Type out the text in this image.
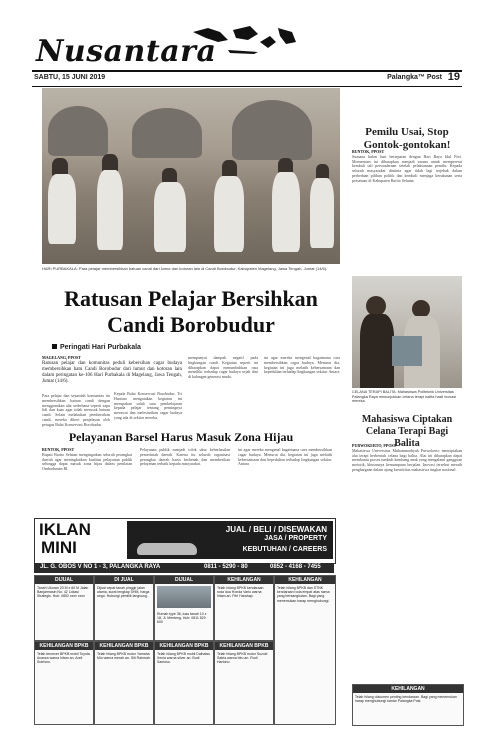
Nusantara
SABTU, 15 JUNI 2019	Palangka™ Post 19
HARI PURBAKALA: Para pelajar membersihkan batuan candi dari lumut dan kotoran lain di Candi Borobudur, Kabupaten Magelang, Jawa Tengah, Jumat (14/6).
Ratusan Pelajar Bersihkan Candi Borobudur
Peringati Hari Purbakala
MAGELANG, PPOST
Ratusan pelajar dan komunitas peduli kebersihan cagar budaya membersihkan batu Candi Borobudur dari lumut dan kotoran lain dalam peringatan ke-106 Hari Purbakala di Magelang, Jawa Tengah, Jumat (14/6).
Para pelajar dan sejumlah komunitas itu membersihkan batuan candi dengan menggunakan alat sederhana seperti sapu lidi dan kuas agar tidak merusak batuan candi. Selain melakukan pembersihan candi, mereka diberi penjelasan oleh petugas Balai Konservasi Borobudur.
Kepala Balai Konservasi Borobudur, Tri Hartono mengatakan kegiatan ini merupakan salah satu pembelajaran kepada pelajar tentang pentingnya merawat dan melestarikan cagar budaya yang ada di sekitar mereka.
mempunyai dampak negatif pada lingkungan candi. Kegiatan seperti ini diharapkan dapat menumbuhkan rasa memiliki terhadap cagar budaya sejak dini di kalangan generasi muda.
ini agar mereka mengenal bagaimana cara membersihkan cagar budaya. Menurut dia, kegiatan ini juga melatih kebersamaan dan kepedulian terhadap lingkungan sekitar. Antara
Pemilu Usai, Stop Gontok-gontokan!
BUNTOK, PPOST
Suasana bulan Juni bertepatan dengan Hari Raya Idul Fitri. Momentum ini diharapkan menjadi sarana untuk mempererat kembali tali persaudaraan setelah pelaksanaan pemilu. Kepada seluruh masyarakat diminta agar tidak lagi terjebak dalam perbedaan pilihan politik dan kembali menjaga kerukunan serta persatuan di Kabupaten Barito Selatan.
CELANA TERAPI BALITA: Mahasiswa Politeknik Universitas Palangka Raya menunjukkan celana terapi balita hasil inovasi mereka.
Mahasiswa Ciptakan Celana Terapi Bagi Balita
PURWOKERTO, PPOST
Mahasiswa Universitas Muhammadiyah Purwokerto menciptakan alat terapi berbentuk celana bagi balita. Alat ini diharapkan dapat membantu proses tumbuh kembang anak yang mengalami gangguan motorik, khususnya kemampuan berjalan. Inovasi tersebut meraih penghargaan dalam ajang kreativitas mahasiswa tingkat nasional.
Pelayanan Barsel Harus Masuk Zona Hijau
BUNTOK, PPOST
Bupati Barito Selatan mengingatkan seluruh perangkat daerah agar meningkatkan kualitas pelayanan publik sehingga dapat masuk zona hijau dalam penilaian Ombudsman RI.
Pelayanan publik menjadi tolok ukur keberhasilan pemerintah daerah. Karena itu seluruh organisasi perangkat daerah harus berbenah dan memberikan pelayanan terbaik kepada masyarakat.
ini agar mereka mengenal bagaimana cara membersihkan cagar budaya. Menurut dia, kegiatan ini juga melatih kebersamaan dan kepedulian terhadap lingkungan sekitar. Antara
IKLAN
MINI
JUAL / BELI / DISEWAKAN
JASA / PROPERTY
KEBUTUHAN / CAREERS
JL. G. OBOS V NO 1 - 3, PALANGKA RAYA	0811 - 5290 - 80	0852 - 4168 - 7455
DIJUAL
Tanah Ukuran 20 M x 60 M Jalan Banjarmasin No. 42 Lokasi Strategis. Hub: 0852 xxxx xxxx
DI JUAL
Dijual cepat tanah pinggir jalan utama, surat lengkap SHM, harga nego. Hubungi pemilik langsung.
DIJUAL
Rumah type 36, luas tanah 10 x 18, Jl. Menteng. Hub: 0811 529 600
KEHILANGAN
Telah hilang BPKB kendaraan roda dua Honda Vario warna hitam an. Fitri Harahap.
KEHILANGAN
Telah hilang BPKB dan STNK kendaraan roda empat atas nama yang bersangkutan. Bagi yang menemukan harap menghubungi.
KEHILANGAN BPKB
Telah tercecer BPKB mobil Toyota Avanza warna hitam an. Andi Sutrisno.
KEHILANGAN BPKB
Telah hilang BPKB motor Yamaha Mio warna merah an. Siti Rahmah.
KEHILANGAN BPKB
Telah hilang BPKB mobil Daihatsu Xenia warna silver an. Budi Santoso.
KEHILANGAN BPKB
Telah hilang BPKB motor Suzuki Satria warna biru an. Rudi Hartono.
KEHILANGAN
Telah hilang dokumen penting kendaraan. Bagi yang menemukan harap menghubungi kantor Palangka Post.
